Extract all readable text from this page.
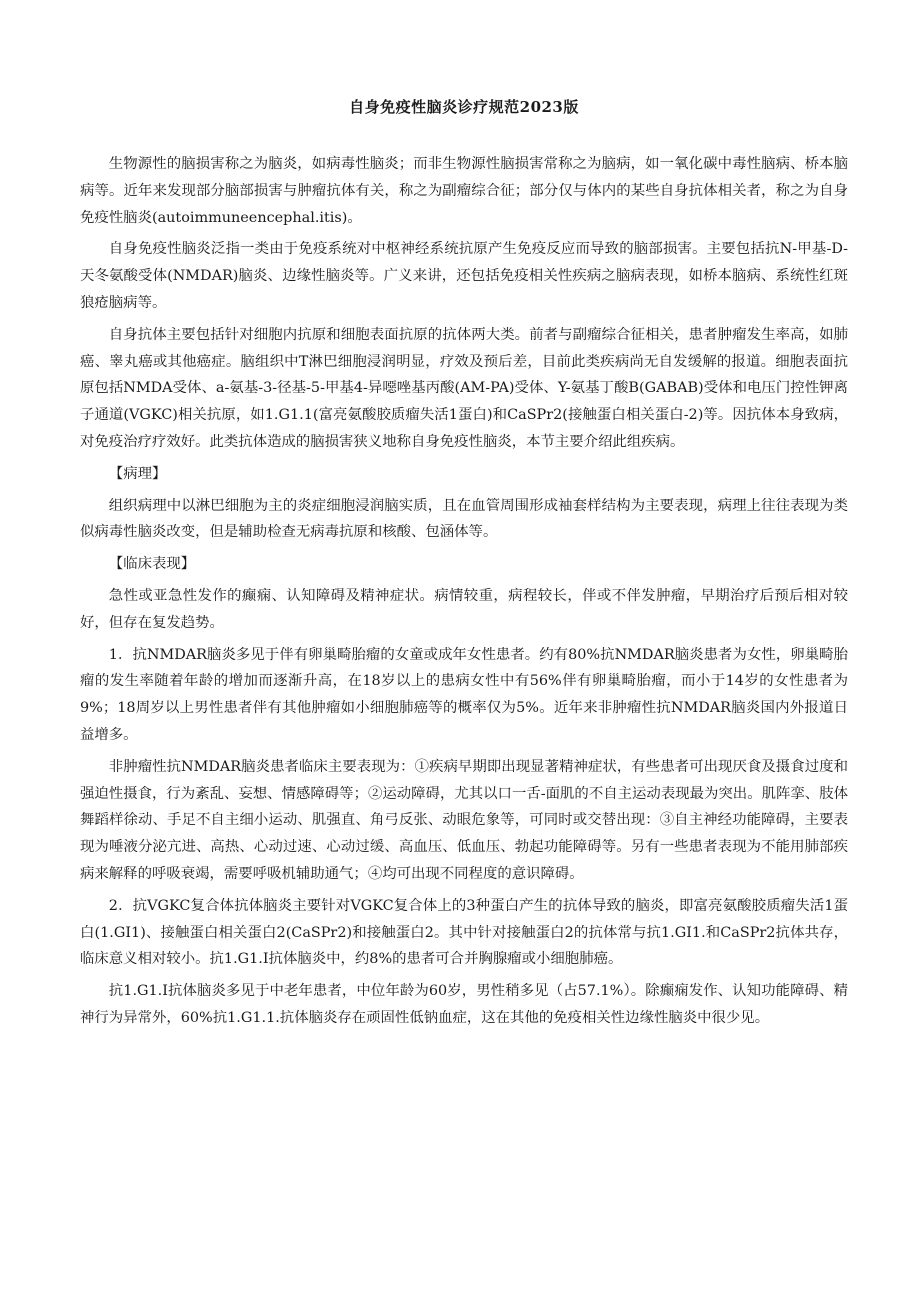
自身免疫性脑炎诊疗规范2023版

生物源性的脑损害称之为脑炎，如病毒性脑炎；而非生物源性脑损害常称之为脑病，如一氧化碳中毒性脑病、桥本脑病等。近年来发现部分脑部损害与肿瘤抗体有关，称之为副瘤综合征；部分仅与体内的某些自身抗体相关者，称之为自身免疫性脑炎(autoimmuneencephal.itis)。

自身免疫性脑炎泛指一类由于免疫系统对中枢神经系统抗原产生免疫反应而导致的脑部损害。主要包括抗N-甲基-D-天冬氨酸受体(NMDAR)脑炎、边缘性脑炎等。广义来讲，还包括免疫相关性疾病之脑病表现，如桥本脑病、系统性红斑狼疮脑病等。

自身抗体主要包括针对细胞内抗原和细胞表面抗原的抗体两大类。前者与副瘤综合征相关，患者肿瘤发生率高，如肺癌、睾丸癌或其他癌症。脑组织中T淋巴细胞浸润明显，疗效及预后差，目前此类疾病尚无自发缓解的报道。细胞表面抗原包括NMDA受体、a-氨基-3-径基-5-甲基4-异噁唑基丙酸(AM-PA)受体、Y-氨基丁酸B(GABAB)受体和电压门控性钾离子通道(VGKC)相关抗原，如1.G1.1(富亮氨酸胶质瘤失活1蛋白)和CaSPr2(接触蛋白相关蛋白-2)等。因抗体本身致病，对免疫治疗疗效好。此类抗体造成的脑损害狭义地称自身免疫性脑炎，本节主要介绍此组疾病。

【病理】

组织病理中以淋巴细胞为主的炎症细胞浸润脑实质，且在血管周围形成袖套样结构为主要表现，病理上往往表现为类似病毒性脑炎改变，但是辅助检查无病毒抗原和核酸、包涵体等。

【临床表现】

急性或亚急性发作的癫痫、认知障碍及精神症状。病情较重，病程较长，伴或不伴发肿瘤，早期治疗后预后相对较好，但存在复发趋势。

1．抗NMDAR脑炎多见于伴有卵巢畸胎瘤的女童或成年女性患者。约有80%抗NMDAR脑炎患者为女性，卵巢畸胎瘤的发生率随着年龄的增加而逐渐升高，在18岁以上的患病女性中有56%伴有卵巢畸胎瘤，而小于14岁的女性患者为9%；18周岁以上男性患者伴有其他肿瘤如小细胞肺癌等的概率仅为5%。近年来非肿瘤性抗NMDAR脑炎国内外报道日益增多。

非肿瘤性抗NMDAR脑炎患者临床主要表现为：①疾病早期即出现显著精神症状，有些患者可出现厌食及摄食过度和强迫性摄食，行为紊乱、妄想、情感障碍等；②运动障碍，尤其以口一舌-面肌的不自主运动表现最为突出。肌阵挛、肢体舞蹈样徐动、手足不自主细小运动、肌强直、角弓反张、动眼危象等，可同时或交替出现：③自主神经功能障碍，主要表现为唾液分泌亢进、高热、心动过速、心动过缓、高血压、低血压、勃起功能障碍等。另有一些患者表现为不能用肺部疾病来解释的呼吸衰竭，需要呼吸机辅助通气；④均可出现不同程度的意识障碍。

2．抗VGKC复合体抗体脑炎主要针对VGKC复合体上的3种蛋白产生的抗体导致的脑炎，即富亮氨酸胶质瘤失活1蛋白(1.GI1)、接触蛋白相关蛋白2(CaSPr2)和接触蛋白2。其中针对接触蛋白2的抗体常与抗1.GI1.和CaSPr2抗体共存，临床意义相对较小。抗1.G1.I抗体脑炎中，约8%的患者可合并胸腺瘤或小细胞肺癌。

抗1.G1.I抗体脑炎多见于中老年患者，中位年龄为60岁，男性稍多见（占57.1%）。除癫痫发作、认知功能障碍、精神行为异常外，60%抗1.G1.1.抗体脑炎存在顽固性低钠血症，这在其他的免疫相关性边缘性脑炎中很少见。
